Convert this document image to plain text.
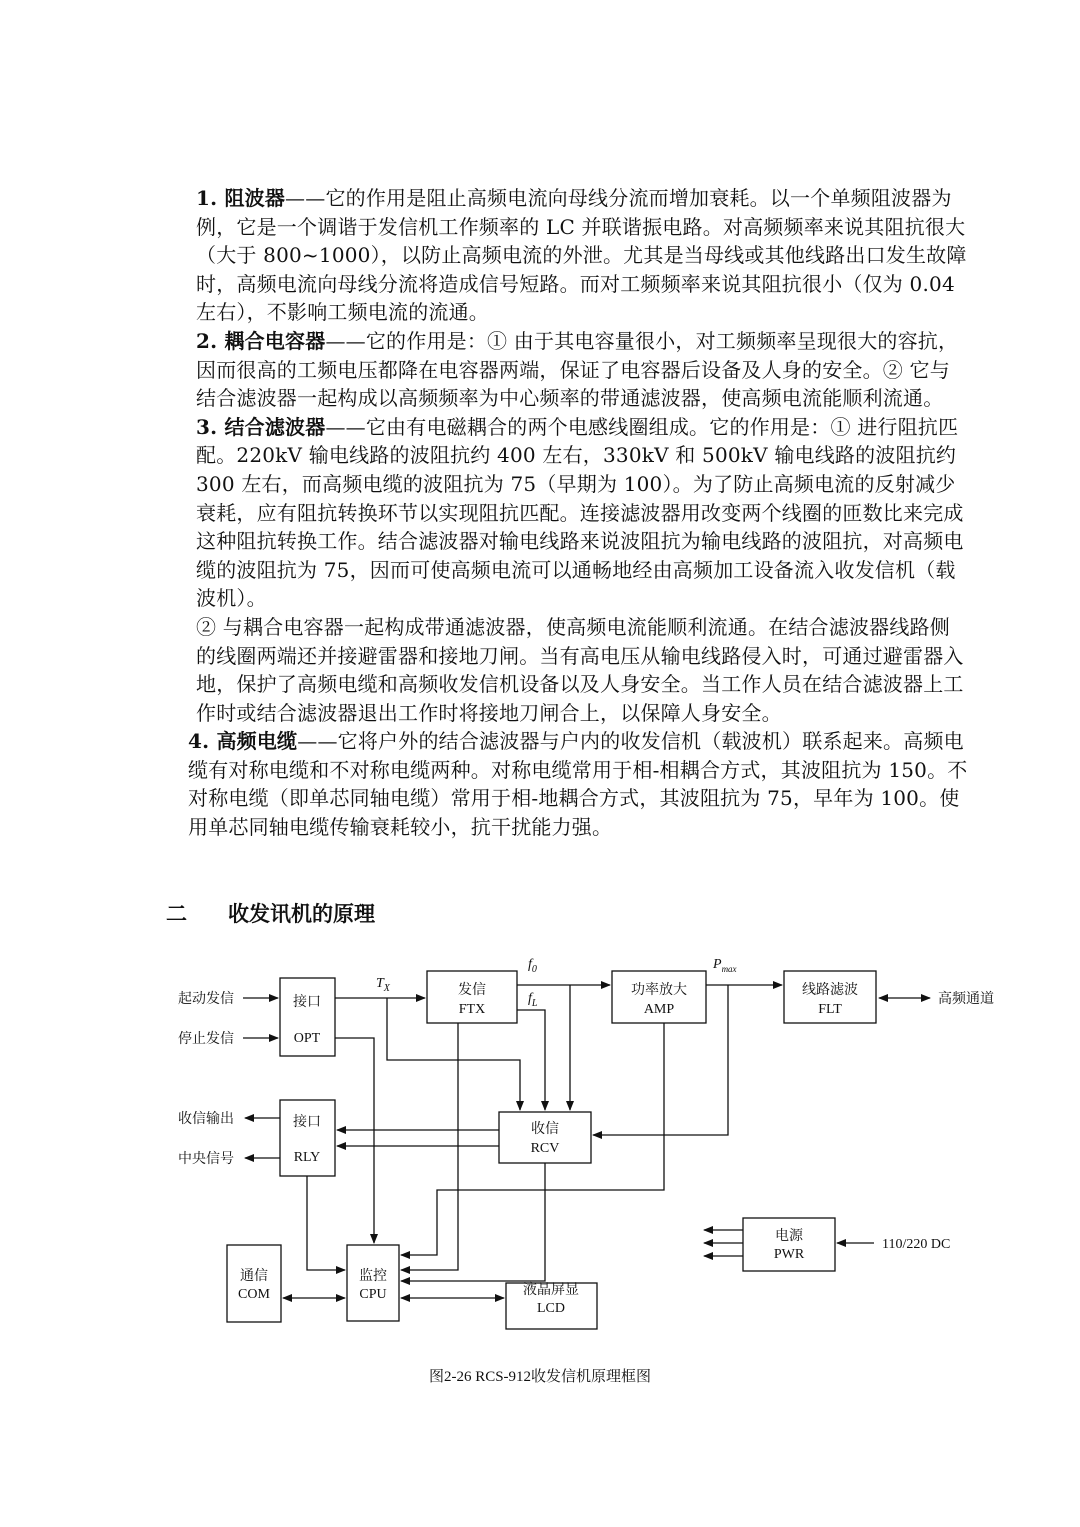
1. 阻波器——它的作用是阻止高频电流向母线分流而增加衰耗。以一个单频阻波器为例，它是一个调谐于发信机工作频率的 LC 并联谐振电路。对高频频率来说其阻抗很大（大于 800~1000），以防止高频电流的外泄。尤其是当母线或其他线路出口发生故障时，高频电流向母线分流将造成信号短路。而对工频频率来说其阻抗很小（仅为 0.04 左右），不影响工频电流的流通。

2. 耦合电容器——它的作用是：① 由于其电容量很小，对工频频率呈现很大的容抗，因而很高的工频电压都降在电容器两端，保证了电容器后设备及人身的安全。② 它与结合滤波器一起构成以高频频率为中心频率的带通滤波器，使高频电流能顺利流通。

3. 结合滤波器——它由有电磁耦合的两个电感线圈组成。它的作用是：① 进行阻抗匹配。220kV 输电线路的波阻抗约 400 左右，330kV 和 500kV 输电线路的波阻抗约 300 左右，而高频电缆的波阻抗为 75（早期为 100）。为了防止高频电流的反射减少衰耗，应有阻抗转换环节以实现阻抗匹配。连接滤波器用改变两个线圈的匝数比来完成这种阻抗转换工作。结合滤波器对输电线路来说波阻抗为输电线路的波阻抗，对高频电缆的波阻抗为 75，因而可使高频电流可以通畅地经由高频加工设备流入收发信机（载波机）。

② 与耦合电容器一起构成带通滤波器，使高频电流能顺利流通。在结合滤波器线路侧的线圈两端还并接避雷器和接地刀闸。当有高电压从输电线路侵入时，可通过避雷器入地，保护了高频电缆和高频收发信机设备以及人身安全。当工作人员在结合滤波器上工作时或结合滤波器退出工作时将接地刀闸合上，以保障人身安全。

4. 高频电缆——它将户外的结合滤波器与户内的收发信机（载波机）联系起来。高频电缆有对称电缆和不对称电缆两种。对称电缆常用于相-相耦合方式，其波阻抗为 150。不对称电缆（即单芯同轴电缆）常用于相-地耦合方式，其波阻抗为 75，早年为 100。使用单芯同轴电缆传输衰耗较小，抗干扰能力强。

二 收发讯机的原理
接口
OPT
发信
FTX
功率放大
AMP
线路滤波
FLT
收信
RCV
接口
RLY
通信
COM
监控
CPU	液晶屏显
LCD
电源
PWR
起动发信
停止发信
收信输出
中央信号
高频通道
110/220 DC
$T_X$
$f_0$
$f_L$
$P_{max}$
图2-26 RCS-912收发信机原理框图
